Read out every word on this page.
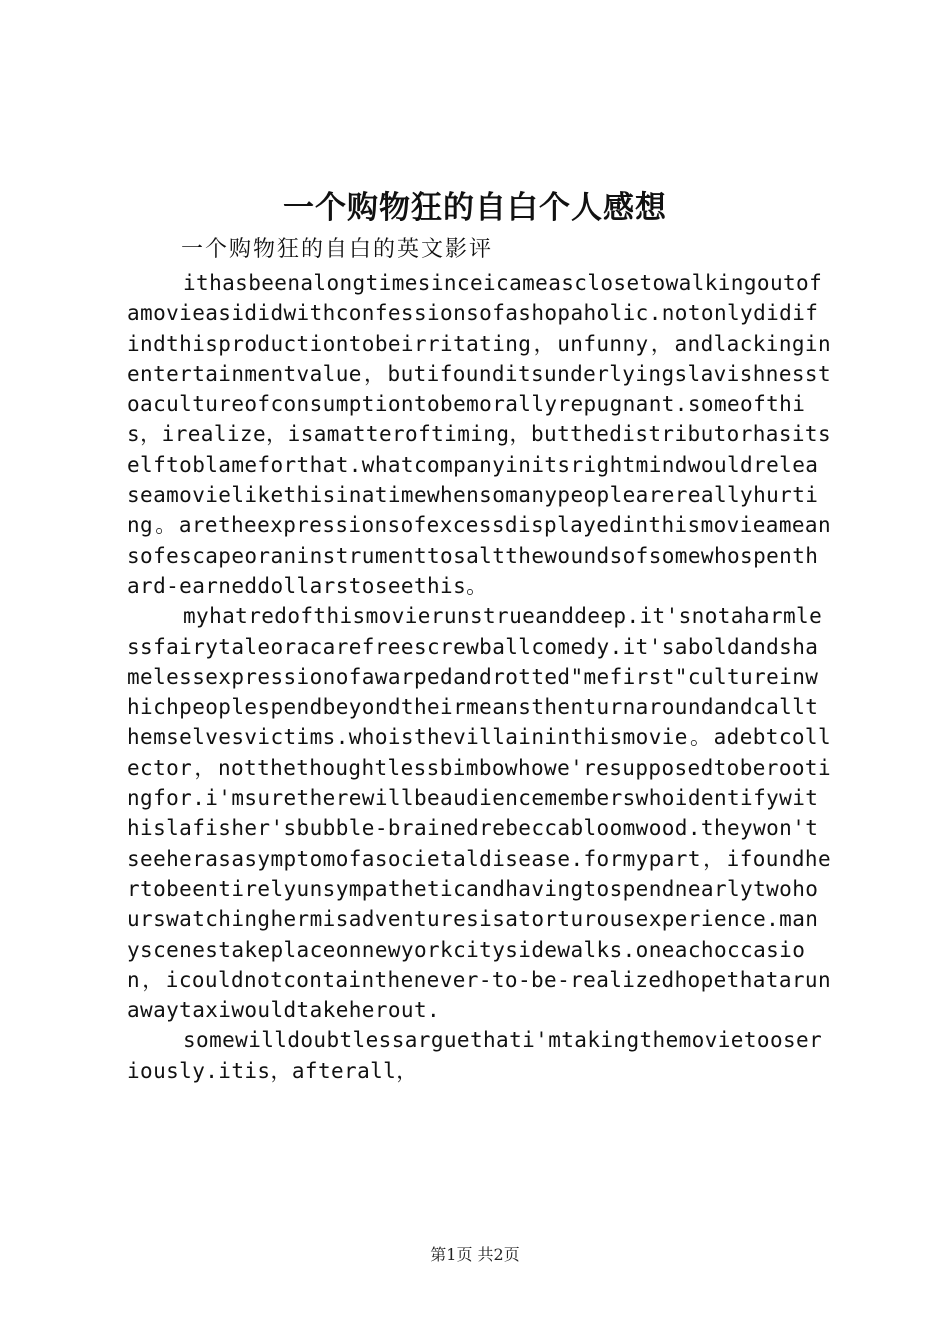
一个购物狂的自白个人感想

一个购物狂的自白的英文影评

ithasbeenalongtimesinceicameasclosetowalkingoutofamovieasididwithconfessionsofashopaholic.notonlydidifindthisproductiontobeirritating，unfunny，andlackinginentertainmentvalue，butifounditsunderlyingslavishnesstoacultureofconsumptiontobemorallyrepugnant.someofthis，irealize，isamatteroftiming，butthedistributorhasitselftoblameforthat.whatcompanyinitsrightmindwouldreleaseamovielikethisinatimewhensomanypeoplearereallyhurting。aretheexpressionsofexcessdisplayedinthismovieameansofescapeoraninstrumenttosaltthewoundsofsomewhospenthard-earneddollarstoseethis。

myhatredofthismovierunstrueanddeep.it'snotaharmlessfairytaleoracarefreescrewballcomedy.it'saboldandshamelessexpressionofawarpedandrotted"mefirst"cultureinwhichpeoplespendbeyondtheirmeansthenturnaroundandcallthemselvesvictims.whoisthevillaininthismovie。adebtcollector，notthethoughtlessbimbowhowe'resupposedtoberootingfor.i'msuretherewillbeaudiencememberswhoidentifywithislafisher'sbubble-brainedrebeccabloomwood.theywon'tseeherasasymptomofasocietaldisease.formypart，ifoundhertobeentirelyunsympatheticandhavingtospendnearlytwohourswatchinghermisadventuresisatorturousexperience.manyscenestakeplaceonnewyorkcitysidewalks.oneachoccasion，icouldnotcontainthenever-to-be-realizedhopethatarunawaytaxiwouldtakeherout.

somewilldoubtlessarguethati'mtakingthemovietooseriously.itis，afterall，

第1页 共2页
